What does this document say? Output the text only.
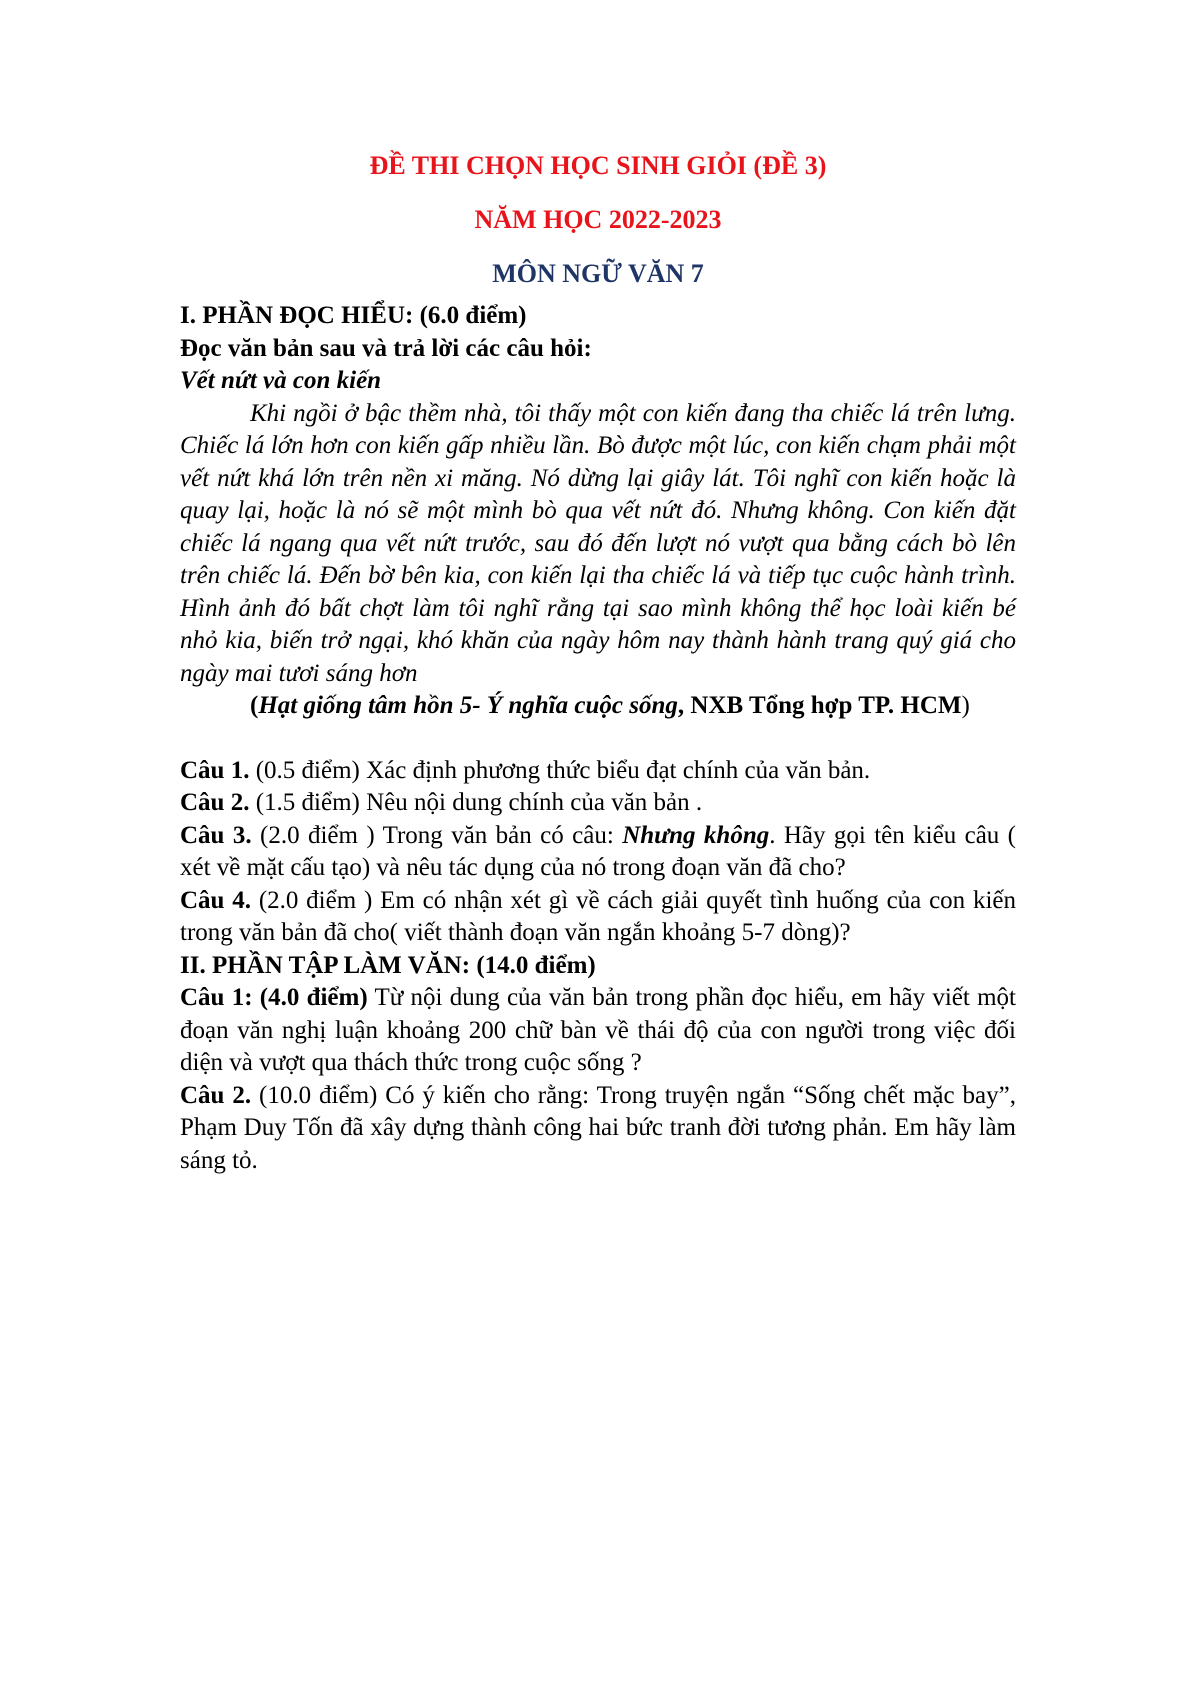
ĐỀ THI CHỌN HỌC SINH GIỎI (ĐỀ 3)

NĂM HỌC 2022-2023

MÔN NGỮ VĂN 7

I. PHẦN ĐỌC HIỂU: (6.0 điểm)

Đọc văn bản sau và trả lời các câu hỏi:

Vết nứt và con kiến

Khi ngồi ở bậc thềm nhà, tôi thấy một con kiến đang tha chiếc lá trên lưng. Chiếc lá lớn hơn con kiến gấp nhiều lần. Bò được một lúc, con kiến chạm phải một vết nứt khá lớn trên nền xi măng. Nó dừng lại giây lát. Tôi nghĩ con kiến hoặc là quay lại, hoặc là nó sẽ một mình bò qua vết nứt đó. Nhưng không. Con kiến đặt chiếc lá ngang qua vết nứt trước, sau đó đến lượt nó vượt qua bằng cách bò lên trên chiếc lá. Đến bờ bên kia, con kiến lại tha chiếc lá và tiếp tục cuộc hành trình. Hình ảnh đó bất chợt làm tôi nghĩ rằng tại sao mình không thể học loài kiến bé nhỏ kia, biến trở ngại, khó khăn của ngày hôm nay thành hành trang quý giá cho ngày mai tươi sáng hơn

(Hạt giống tâm hồn 5- Ý nghĩa cuộc sống, NXB Tổng hợp TP. HCM)

Câu 1. (0.5 điểm) Xác định phương thức biểu đạt chính của văn bản.

Câu 2. (1.5 điểm) Nêu nội dung chính của văn bản .

Câu 3. (2.0 điểm ) Trong văn bản có câu: Nhưng không. Hãy gọi tên kiểu câu ( xét về mặt cấu tạo) và nêu tác dụng của nó trong đoạn văn đã cho?

Câu 4. (2.0 điểm ) Em có nhận xét gì về cách giải quyết tình huống của con kiến trong văn bản đã cho( viết thành đoạn văn ngắn khoảng 5-7 dòng)?

II. PHẦN TẬP LÀM VĂN: (14.0 điểm)

Câu 1: (4.0 điểm) Từ nội dung của văn bản trong phần đọc hiểu, em hãy viết một đoạn văn nghị luận khoảng 200 chữ bàn về thái độ của con người trong việc đối diện và vượt qua thách thức trong cuộc sống ?

Câu 2. (10.0 điểm) Có ý kiến cho rằng: Trong truyện ngắn “Sống chết mặc bay”, Phạm Duy Tốn đã xây dựng thành công hai bức tranh đời tương phản. Em hãy làm sáng tỏ.
